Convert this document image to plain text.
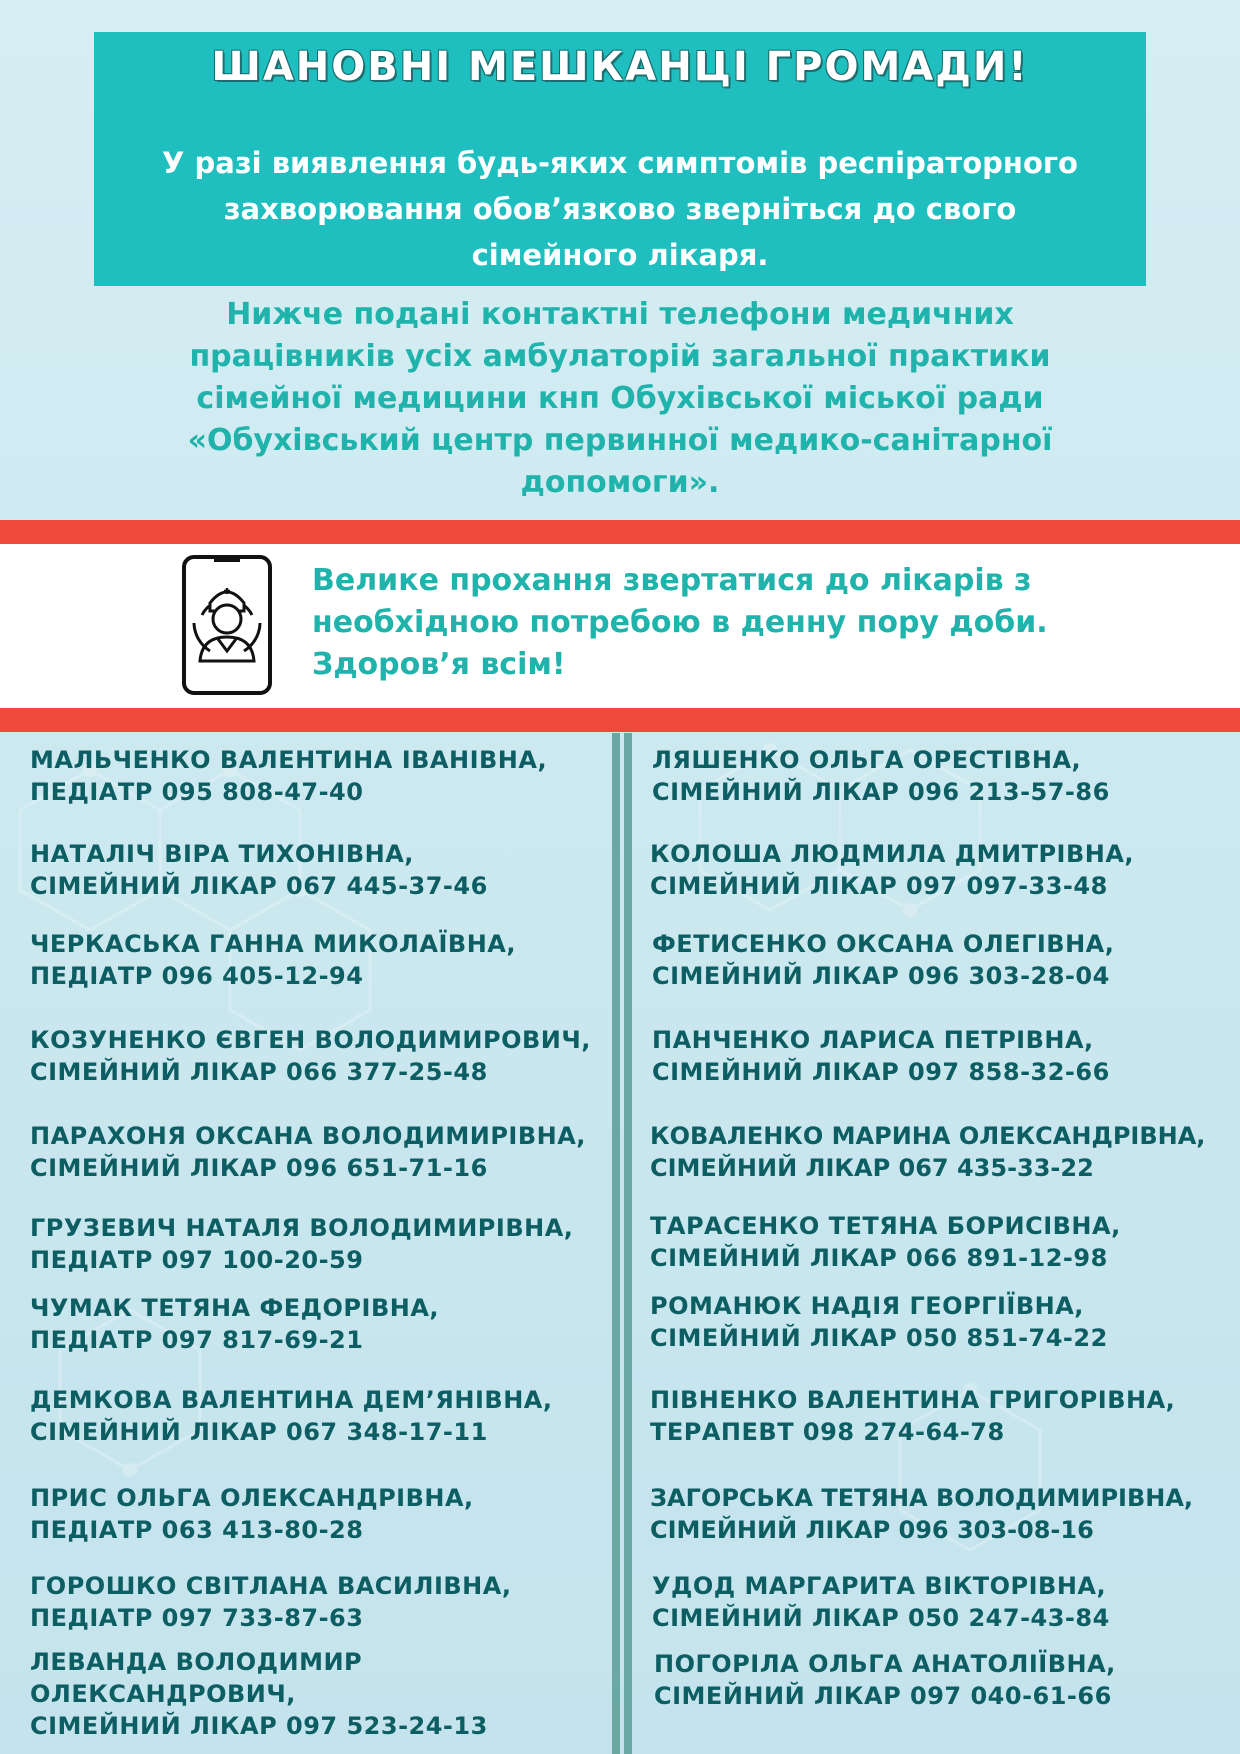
ШАНОВНІ МЕШКАНЦІ ГРОМАДИ!
У разі виявлення будь-яких симптомів респіраторного
захворювання обов’язково зверніться до свого
сімейного лікаря.
Нижче подані контактні телефони медичних
працівників усіх амбулаторій загальної практики
сімейної медицини кнп Обухівської міської ради
«Обухівський центр первинної медико-санітарної
допомоги».
Велике прохання звертатися до лікарів з
необхідною потребою в денну пору доби.
Здоров’я всім!
МАЛЬЧЕНКО ВАЛЕНТИНА ІВАНІВНА,
ПЕДІАТР 095 808-47-40
НАТАЛІЧ ВІРА ТИХОНІВНА,
СІМЕЙНИЙ ЛІКАР 067 445-37-46
ЧЕРКАСЬКА ГАННА МИКОЛАЇВНА,
ПЕДІАТР 096 405-12-94
КОЗУНЕНКО ЄВГЕН ВОЛОДИМИРОВИЧ,
СІМЕЙНИЙ ЛІКАР 066 377-25-48
ПАРАХОНЯ ОКСАНА ВОЛОДИМИРІВНА,
СІМЕЙНИЙ ЛІКАР 096 651-71-16
ГРУЗЕВИЧ НАТАЛЯ ВОЛОДИМИРІВНА,
ПЕДІАТР 097 100-20-59
ЧУМАК ТЕТЯНА ФЕДОРІВНА,
ПЕДІАТР 097 817-69-21
ДЕМКОВА ВАЛЕНТИНА ДЕМ’ЯНІВНА,
СІМЕЙНИЙ ЛІКАР 067 348-17-11
ПРИС ОЛЬГА ОЛЕКСАНДРІВНА,
ПЕДІАТР 063 413-80-28
ГОРОШКО СВІТЛАНА ВАСИЛІВНА,
ПЕДІАТР 097 733-87-63
ЛЕВАНДА ВОЛОДИМИР
ОЛЕКСАНДРОВИЧ,
СІМЕЙНИЙ ЛІКАР 097 523-24-13
ЛЯШЕНКО ОЛЬГА ОРЕСТІВНА,
СІМЕЙНИЙ ЛІКАР 096 213-57-86
КОЛОША ЛЮДМИЛА ДМИТРІВНА,
СІМЕЙНИЙ ЛІКАР 097 097-33-48
ФЕТИСЕНКО ОКСАНА ОЛЕГІВНА,
СІМЕЙНИЙ ЛІКАР 096 303-28-04
ПАНЧЕНКО ЛАРИСА ПЕТРІВНА,
СІМЕЙНИЙ ЛІКАР 097 858-32-66
КОВАЛЕНКО МАРИНА ОЛЕКСАНДРІВНА,
СІМЕЙНИЙ ЛІКАР 067 435-33-22
ТАРАСЕНКО ТЕТЯНА БОРИСІВНА,
СІМЕЙНИЙ ЛІКАР 066 891-12-98
РОМАНЮК НАДІЯ ГЕОРГІЇВНА,
СІМЕЙНИЙ ЛІКАР 050 851-74-22
ПІВНЕНКО ВАЛЕНТИНА ГРИГОРІВНА,
ТЕРАПЕВТ 098 274-64-78
ЗАГОРСЬКА ТЕТЯНА ВОЛОДИМИРІВНА,
СІМЕЙНИЙ ЛІКАР 096 303-08-16
УДОД МАРГАРИТА ВІКТОРІВНА,
СІМЕЙНИЙ ЛІКАР 050 247-43-84
ПОГОРІЛА ОЛЬГА АНАТОЛІЇВНА,
СІМЕЙНИЙ ЛІКАР 097 040-61-66
